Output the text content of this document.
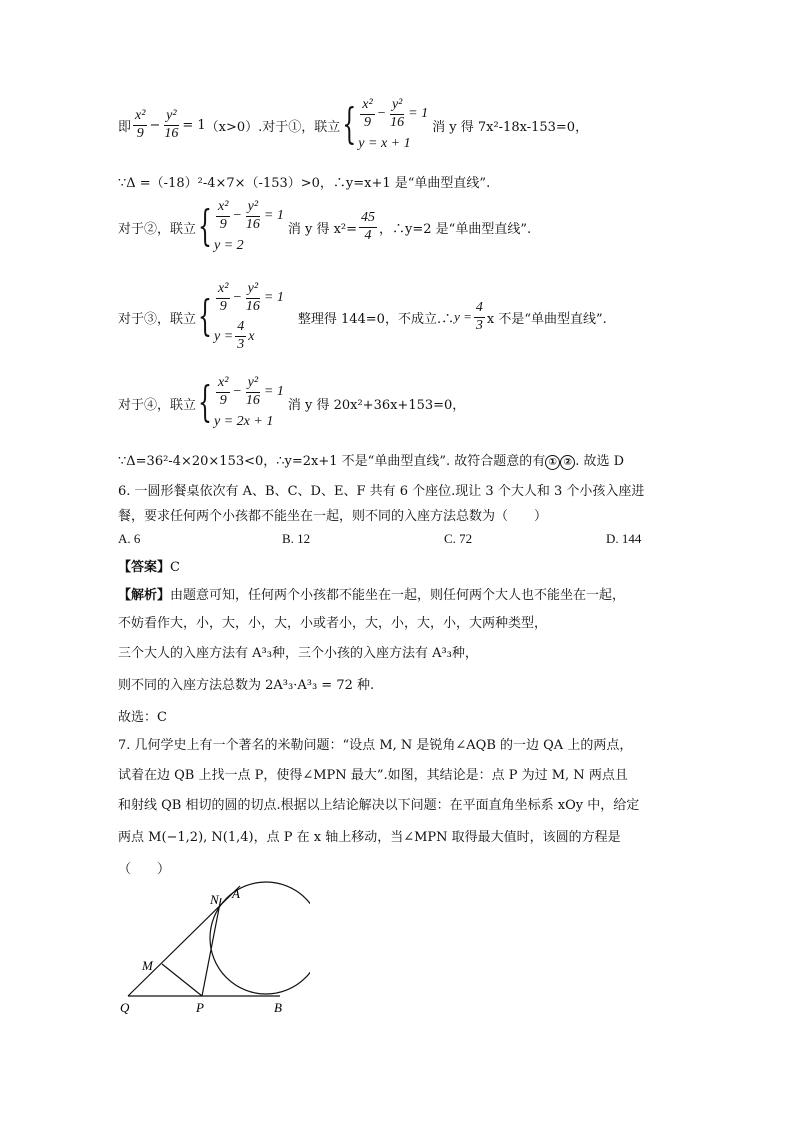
即 $\frac{\text{x²}}{9} - \frac{\text{y²}}{16} = 1$ （x>0）.对于①，联立 { $\frac{\text{x²}}{9} - \frac{\text{y²}}{16} = 1$
y = x + 1
消 y 得 7x²-18x-153=0，
∵Δ =（-18）²-4×7×（-153）>0，∴y=x+1 是“单曲型直线”.
对于②，联立 { $\frac{\text{x²}}{9} - \frac{\text{y²}}{16} = 1$
y = 2
消 y 得 $x^2= \frac{45}{4}$ ，∴y=2 是“单曲型直线”.
对于③，联立 { $\frac{\text{x²}}{9} - \frac{\text{y²}}{16} = 1$
$y = \frac{4}{3}$ x
整理得 144=0，不成立.∴ $y = \frac{4}{3}$ x 不是“单曲型直线”.
对于④，联立 { $\frac{\text{x²}}{9} - \frac{\text{y²}}{16} = 1$
y = 2x + 1
消 y 得 20x²+36x+153=0，
∵Δ=36²-4×20×153<0，∴y=2x+1 不是“单曲型直线”. 故符合题意的有 ① ② . 故选 D
6. 一圆形餐桌依次有 A、B、C、D、E、F 共有 6 个座位.现让 3 个大人和 3 个小孩入座进
餐，要求任何两个小孩都不能坐在一起，则不同的入座方法总数为（　　）
A. 6	B. 12	C. 72	D. 144
【答案】C
【解析】由题意可知，任何两个小孩都不能坐在一起，则任何两个大人也不能坐在一起，
不妨看作大，小，大，小，大，小或者小，大，小，大，小，大两种类型，
三个大人的入座方法有 A³₃种，三个小孩的入座方法有 A³₃种，
则不同的入座方法总数为 2A³₃·A³₃ = 72 种.
故选：C
7. 几何学史上有一个著名的米勒问题：“设点 M, N 是锐角∠AQB 的一边 QA 上的两点，
试着在边 QB 上找一点 P，使得∠MPN 最大”.如图，其结论是：点 P 为过 M, N 两点且
和射线 QB 相切的圆的切点.根据以上结论解决以下问题：在平面直角坐标系 xOy 中，给定
两点 M(−1,2), N(1,4)，点 P 在 x 轴上移动，当∠MPN 取得最大值时，该圆的方程是
（　　）
N A
M
Q	P	B
